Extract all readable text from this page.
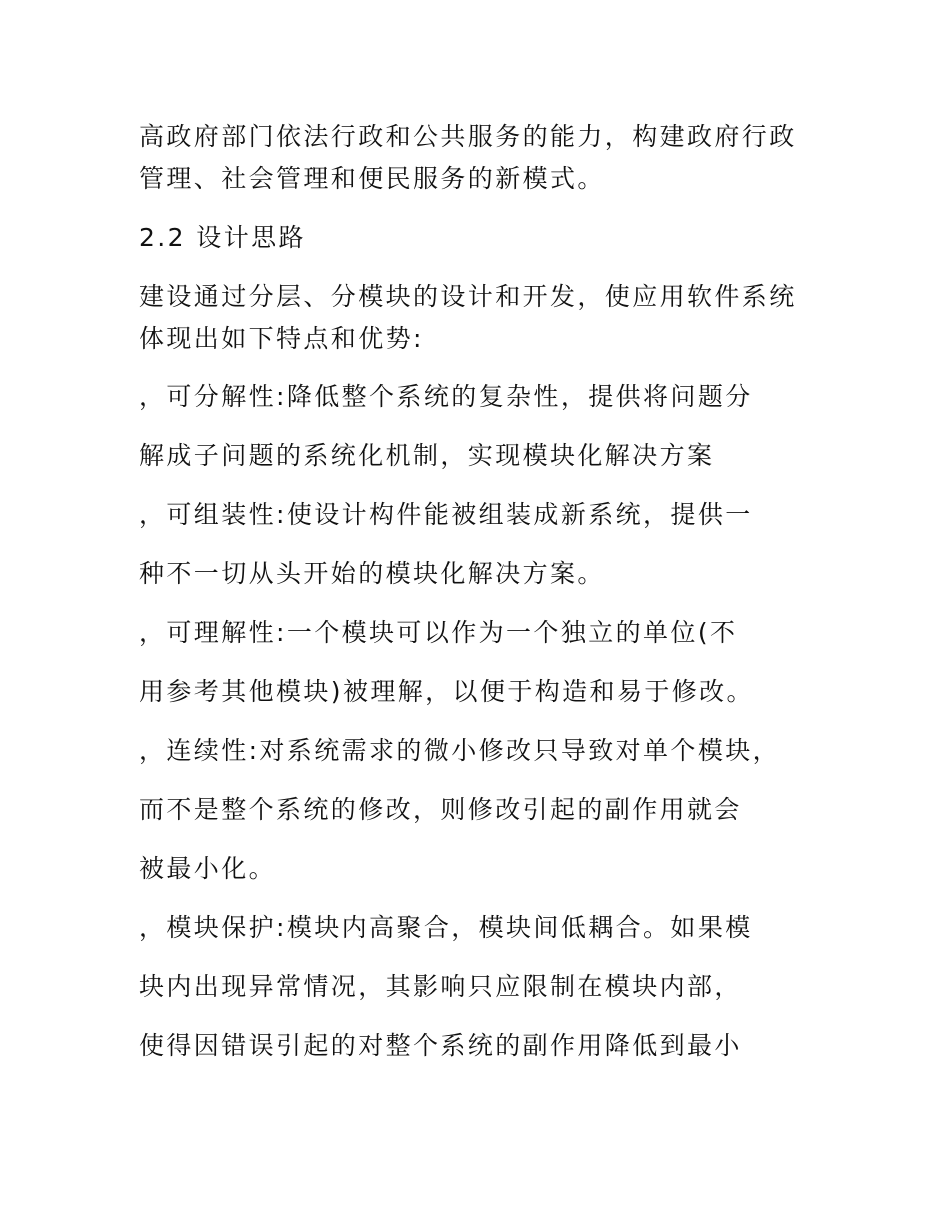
高政府部门依法行政和公共服务的能力，构建政府行政
管理、社会管理和便民服务的新模式。
2.2 设计思路
建设通过分层、分模块的设计和开发，使应用软件系统
体现出如下特点和优势:
，可分解性:降低整个系统的复杂性，提供将问题分
解成子问题的系统化机制，实现模块化解决方案
，可组装性:使设计构件能被组装成新系统，提供一
种不一切从头开始的模块化解决方案。
，可理解性:一个模块可以作为一个独立的单位(不
用参考其他模块)被理解，以便于构造和易于修改。
，连续性:对系统需求的微小修改只导致对单个模块，
而不是整个系统的修改，则修改引起的副作用就会
被最小化。
，模块保护:模块内高聚合，模块间低耦合。如果模
块内出现异常情况，其影响只应限制在模块内部，
使得因错误引起的对整个系统的副作用降低到最小
